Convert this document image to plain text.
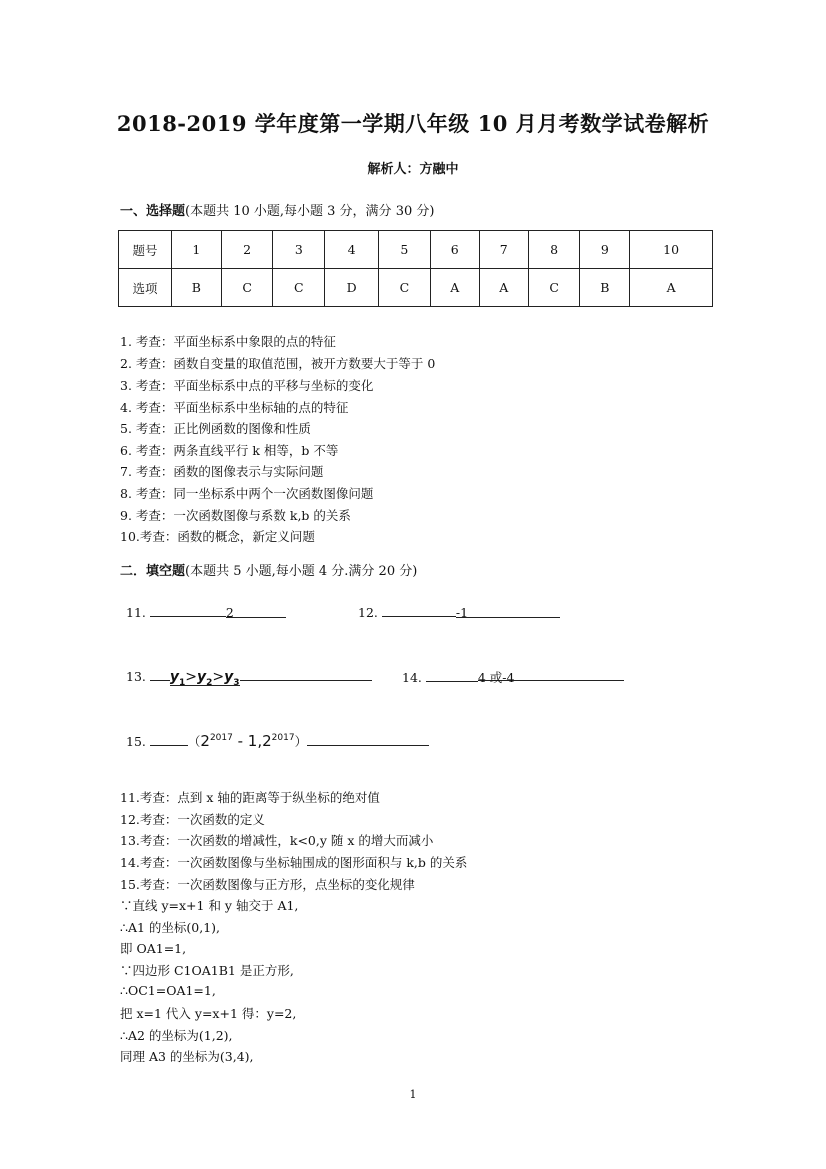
2018-2019 学年度第一学期八年级 10 月月考数学试卷解析
解析人：方融中
一、选择题(本题共 10 小题,每小题 3 分，满分 30 分)
题号	1	2	3	4	5	6	7	8	9	10
选项	B	C	C	D	C	A	A	C	B	A
1. 考查：平面坐标系中象限的点的特征
2. 考查：函数自变量的取值范围，被开方数要大于等于 0
3. 考查：平面坐标系中点的平移与坐标的变化
4. 考查：平面坐标系中坐标轴的点的特征
5. 考查：正比例函数的图像和性质
6. 考查：两条直线平行 k 相等，b 不等
7. 考查：函数的图像表示与实际问题
8. 考查：同一坐标系中两个一次函数图像问题
9. 考查：一次函数图像与系数 k,b 的关系
10.考查：函数的概念，新定义问题
二．填空题(本题共 5 小题,每小题 4 分.满分 20 分)
11.	2	12.	-1
13. $y_1>y_2>y_3$	14.	4 或-4
15.	$(2^{2017} - 1,2^{2017})$
11.考查：点到 x 轴的距离等于纵坐标的绝对值
12.考查：一次函数的定义
13.考查：一次函数的增减性，k<0,y 随 x 的增大而减小
14.考查：一次函数图像与坐标轴围成的图形面积与 k,b 的关系
15.考查：一次函数图像与正方形，点坐标的变化规律
∵直线 y=x+1 和 y 轴交于 A1,
∴A1 的坐标(0,1),
即 OA1=1,
∵四边形 C1OA1B1 是正方形,
∴OC1=OA1=1,
把 x=1 代入 y=x+1 得：y=2,
∴A2 的坐标为(1,2),
同理 A3 的坐标为(3,4),
1
